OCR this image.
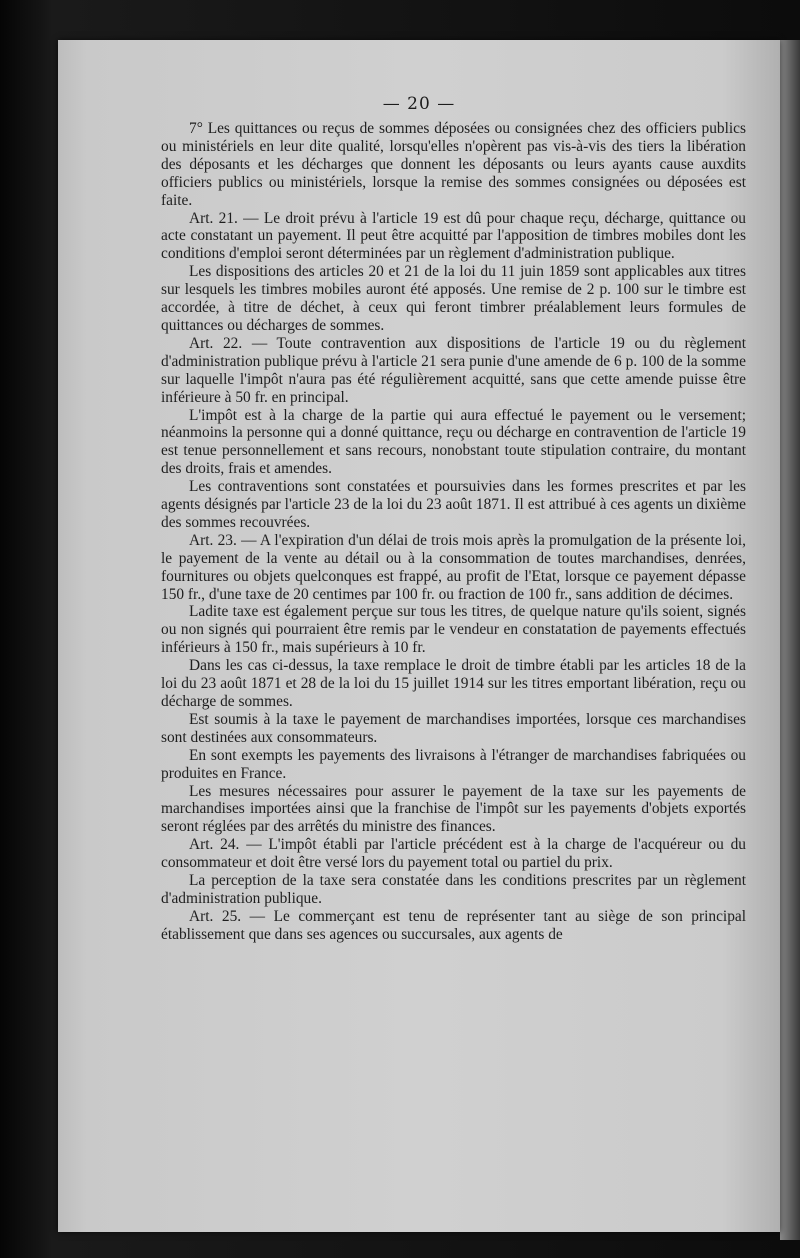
— 20 —

7° Les quittances ou reçus de sommes déposées ou consignées chez des officiers publics ou ministériels en leur dite qualité, lorsqu'elles n'opèrent pas vis-à-vis des tiers la libération des déposants et les décharges que donnent les déposants ou leurs ayants cause auxdits officiers publics ou ministériels, lorsque la remise des sommes consignées ou déposées est faite.

Art. 21. — Le droit prévu à l'article 19 est dû pour chaque reçu, décharge, quittance ou acte constatant un payement. Il peut être acquitté par l'apposition de timbres mobiles dont les conditions d'emploi seront déterminées par un règlement d'administration publique.

Les dispositions des articles 20 et 21 de la loi du 11 juin 1859 sont applicables aux titres sur lesquels les timbres mobiles auront été apposés. Une remise de 2 p. 100 sur le timbre est accordée, à titre de déchet, à ceux qui feront timbrer préalablement leurs formules de quittances ou décharges de sommes.

Art. 22. — Toute contravention aux dispositions de l'article 19 ou du règlement d'administration publique prévu à l'article 21 sera punie d'une amende de 6 p. 100 de la somme sur laquelle l'impôt n'aura pas été régulièrement acquitté, sans que cette amende puisse être inférieure à 50 fr. en principal.

L'impôt est à la charge de la partie qui aura effectué le payement ou le versement; néanmoins la personne qui a donné quittance, reçu ou décharge en contravention de l'article 19 est tenue personnellement et sans recours, nonobstant toute stipulation contraire, du montant des droits, frais et amendes.

Les contraventions sont constatées et poursuivies dans les formes prescrites et par les agents désignés par l'article 23 de la loi du 23 août 1871. Il est attribué à ces agents un dixième des sommes recouvrées.

Art. 23. — A l'expiration d'un délai de trois mois après la promulgation de la présente loi, le payement de la vente au détail ou à la consommation de toutes marchandises, denrées, fournitures ou objets quelconques est frappé, au profit de l'Etat, lorsque ce payement dépasse 150 fr., d'une taxe de 20 centimes par 100 fr. ou fraction de 100 fr., sans addition de décimes.

Ladite taxe est également perçue sur tous les titres, de quelque nature qu'ils soient, signés ou non signés qui pourraient être remis par le vendeur en constatation de payements effectués inférieurs à 150 fr., mais supérieurs à 10 fr.

Dans les cas ci-dessus, la taxe remplace le droit de timbre établi par les articles 18 de la loi du 23 août 1871 et 28 de la loi du 15 juillet 1914 sur les titres emportant libération, reçu ou décharge de sommes.

Est soumis à la taxe le payement de marchandises importées, lorsque ces marchandises sont destinées aux consommateurs.

En sont exempts les payements des livraisons à l'étranger de marchandises fabriquées ou produites en France.

Les mesures nécessaires pour assurer le payement de la taxe sur les payements de marchandises importées ainsi que la franchise de l'impôt sur les payements d'objets exportés seront réglées par des arrêtés du ministre des finances.

Art. 24. — L'impôt établi par l'article précédent est à la charge de l'acquéreur ou du consommateur et doit être versé lors du payement total ou partiel du prix.

La perception de la taxe sera constatée dans les conditions prescrites par un règlement d'administration publique.

Art. 25. — Le commerçant est tenu de représenter tant au siège de son principal établissement que dans ses agences ou succursales, aux agents de
